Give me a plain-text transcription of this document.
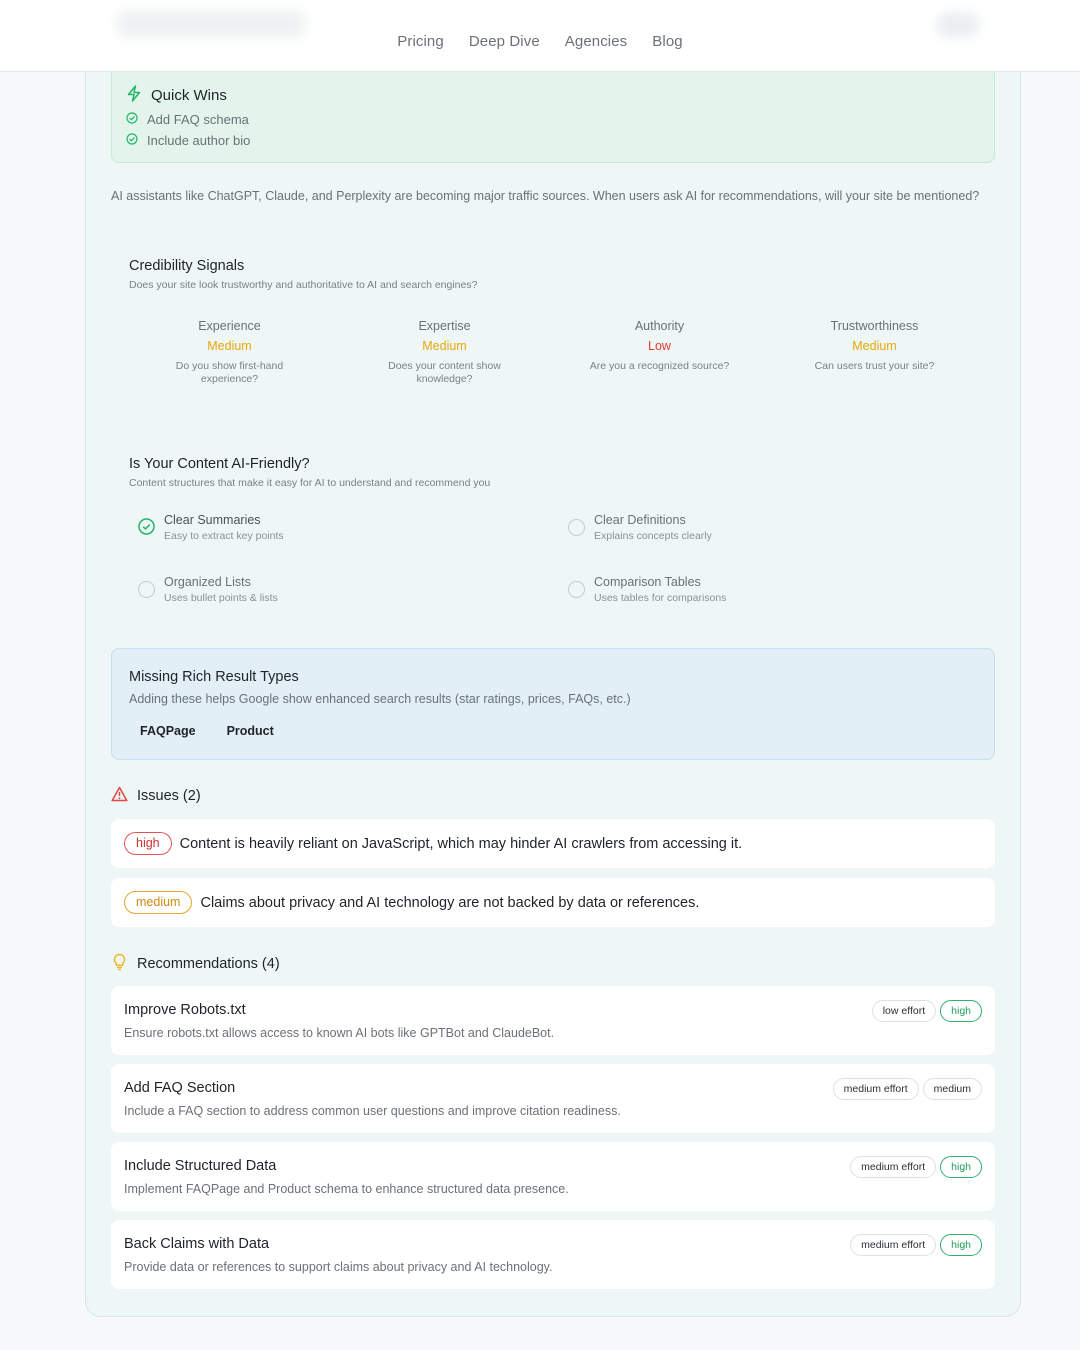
Pricing Deep Dive Agencies Blog
Quick Wins
Add FAQ schema
Include author bio

AI assistants like ChatGPT, Claude, and Perplexity are becoming major traffic sources. When users ask AI for recommendations, will your site be mentioned?

Credibility Signals
Does your site look trustworthy and authoritative to AI and search engines?
Experience
Medium
Do you show first-hand experience?
Expertise
Medium
Does your content show knowledge?
Authority
Low
Are you a recognized source?
Trustworthiness
Medium
Can users trust your site?
Is Your Content AI-Friendly?
Content structures that make it easy for AI to understand and recommend you
Clear Summaries
Easy to extract key points
Clear Definitions
Explains concepts clearly
Organized Lists
Uses bullet points & lists
Comparison Tables
Uses tables for comparisons
Missing Rich Result Types
Adding these helps Google show enhanced search results (star ratings, prices, FAQs, etc.)
FAQPage Product
Issues (2)
high	Content is heavily reliant on JavaScript, which may hinder AI crawlers from accessing it.
medium	Claims about privacy and AI technology are not backed by data or references.
Recommendations (4)
Improve Robots.txt
Ensure robots.txt allows access to known AI bots like GPTBot and ClaudeBot.
low effort	high
Add FAQ Section
Include a FAQ section to address common user questions and improve citation readiness.
medium effort	medium
Include Structured Data
Implement FAQPage and Product schema to enhance structured data presence.
medium effort	high
Back Claims with Data
Provide data or references to support claims about privacy and AI technology.
medium effort	high
